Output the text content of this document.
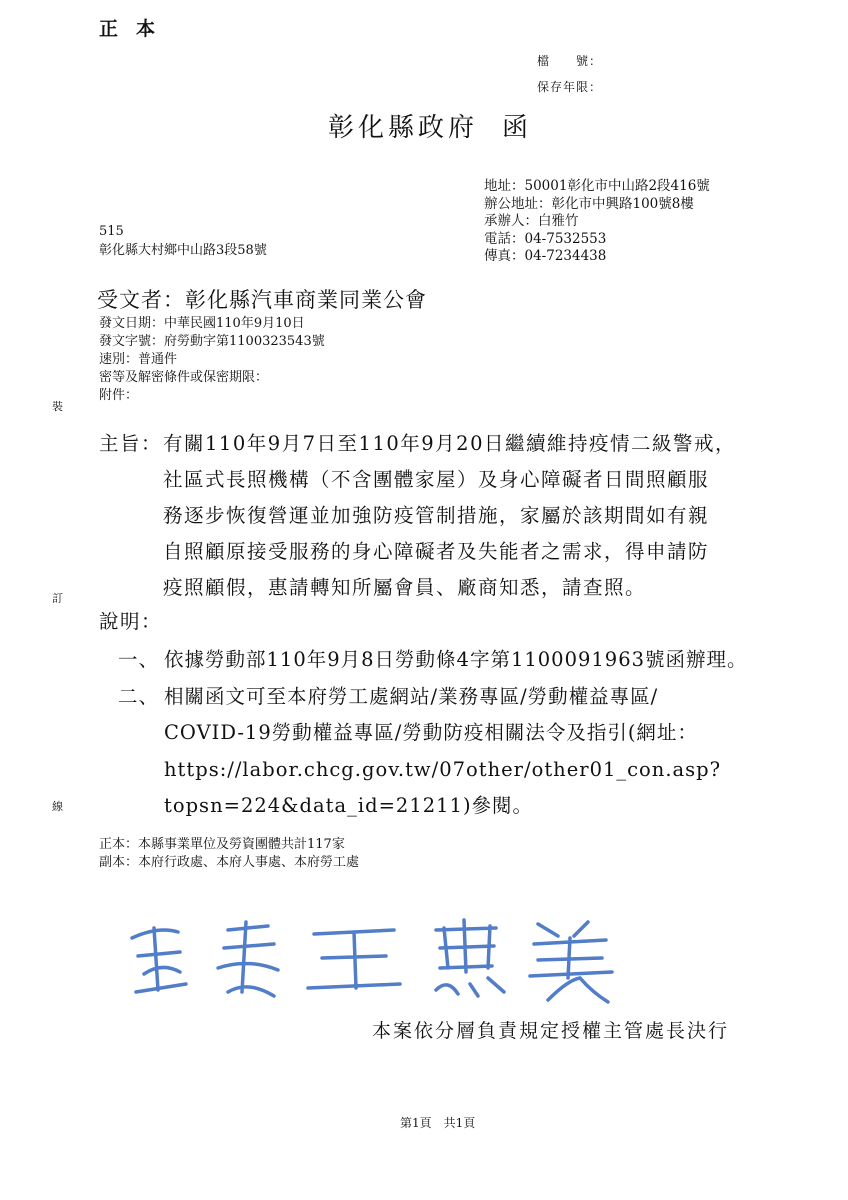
正本
檔　　號：
保存年限：
彰化縣政府 函
地址：50001彰化市中山路2段416號
辦公地址：彰化市中興路100號8樓
承辦人：白雅竹
電話：04-7532553
傳真：04-7234438
515
彰化縣大村鄉中山路3段58號
受文者：彰化縣汽車商業同業公會
發文日期：中華民國110年9月10日
發文字號：府勞動字第1100323543號
速別：普通件
密等及解密條件或保密期限：
附件：
裝
訂
線
主旨：有關110年9月7日至110年9月20日繼續維持疫情二級警戒，
社區式長照機構（不含團體家屋）及身心障礙者日間照顧服
務逐步恢復營運並加強防疫管制措施，家屬於該期間如有親
自照顧原接受服務的身心障礙者及失能者之需求，得申請防
疫照顧假，惠請轉知所屬會員、廠商知悉，請查照。
說明：
一、 依據勞動部110年9月8日勞動條4字第1100091963號函辦理。
二、 相關函文可至本府勞工處網站/業務專區/勞動權益專區/
COVID-19勞動權益專區/勞動防疫相關法令及指引(網址：
https://labor.chcg.gov.tw/07other/other01_con.asp?
topsn=224&data_id=21211)參閱。
正本：本縣事業單位及勞資團體共計117家
副本：本府行政處、本府人事處、本府勞工處
本案依分層負責規定授權主管處長決行
第1頁 共1頁
